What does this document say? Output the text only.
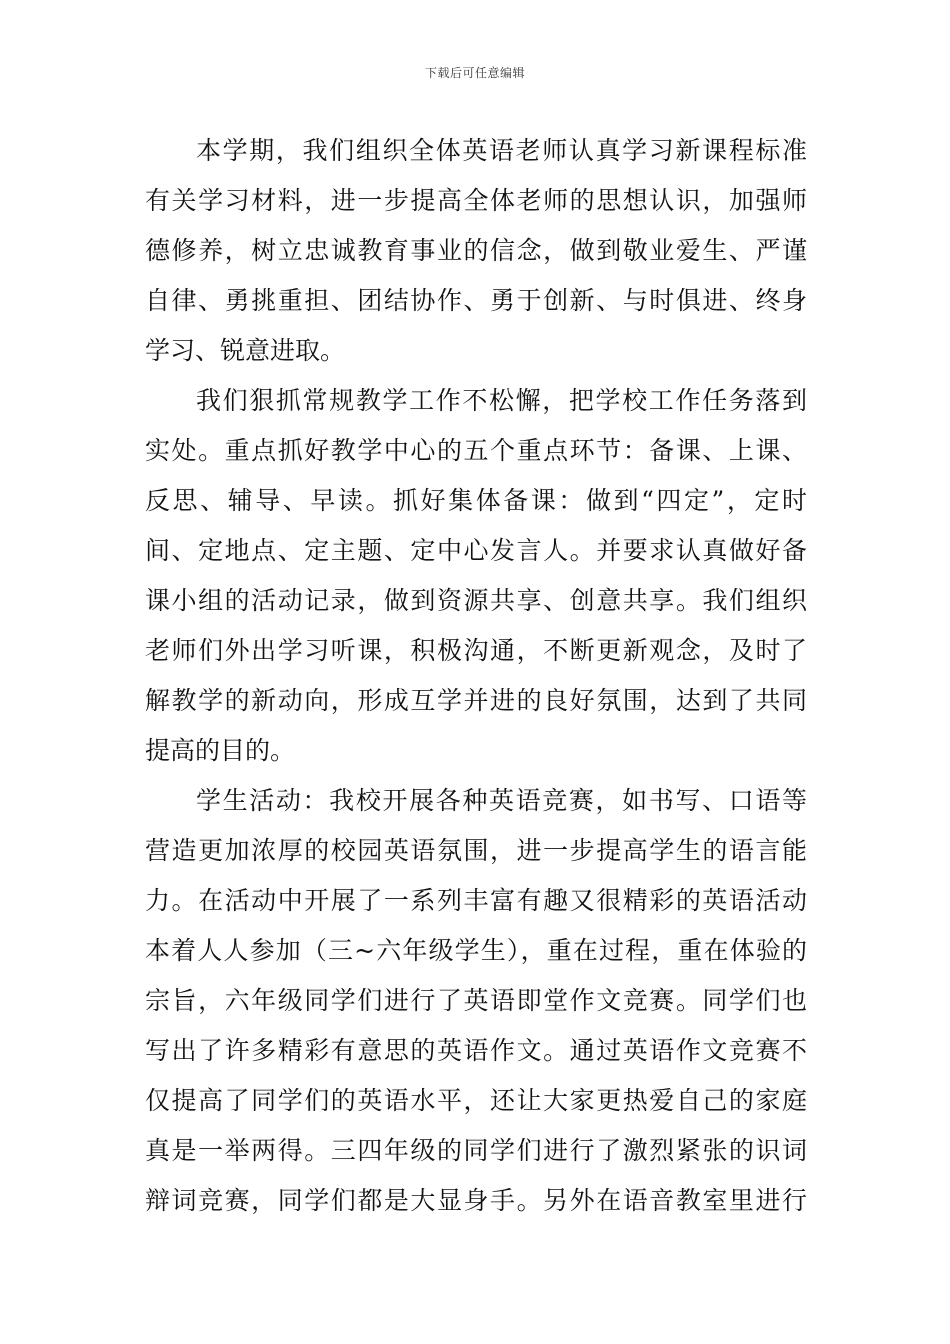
下载后可任意编辑
本学期，我们组织全体英语老师认真学习新课程标准
有关学习材料，进一步提高全体老师的思想认识，加强师
德修养，树立忠诚教育事业的信念，做到敬业爱生、严谨
自律、勇挑重担、团结协作、勇于创新、与时俱进、终身
学习、锐意进取。
我们狠抓常规教学工作不松懈，把学校工作任务落到
实处。重点抓好教学中心的五个重点环节：备课、上课、
反思、辅导、早读。抓好集体备课：做到“四定”，定时
间、定地点、定主题、定中心发言人。并要求认真做好备
课小组的活动记录，做到资源共享、创意共享。我们组织
老师们外出学习听课，积极沟通，不断更新观念，及时了
解教学的新动向，形成互学并进的良好氛围，达到了共同
提高的目的。
学生活动：我校开展各种英语竞赛，如书写、口语等
营造更加浓厚的校园英语氛围，进一步提高学生的语言能
力。在活动中开展了一系列丰富有趣又很精彩的英语活动
本着人人参加（三~六年级学生），重在过程，重在体验的
宗旨，六年级同学们进行了英语即堂作文竞赛。同学们也
写出了许多精彩有意思的英语作文。通过英语作文竞赛不
仅提高了同学们的英语水平，还让大家更热爱自己的家庭
真是一举两得。三四年级的同学们进行了激烈紧张的识词
辩词竞赛，同学们都是大显身手。另外在语音教室里进行
